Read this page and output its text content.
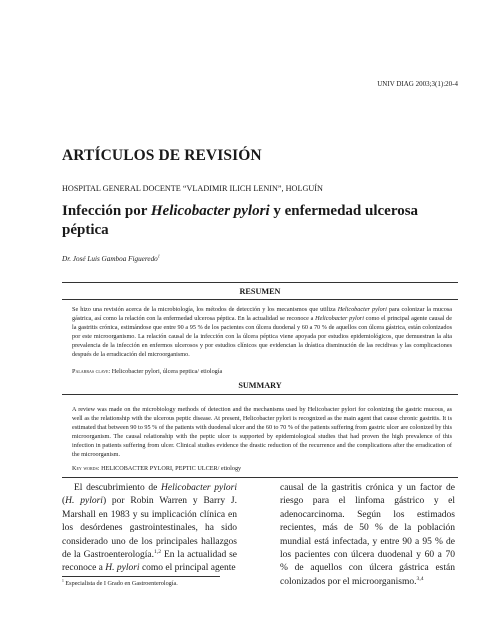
UNIV DIAG 2003;3(1):20-4
ARTÍCULOS DE REVISIÓN
HOSPITAL GENERAL DOCENTE “VLADIMIR ILICH LENIN”, HOLGUÍN
Infección por Helicobacter pylori y enfermedad ulcerosa péptica
Dr. José Luis Gamboa Figueredo$^1$
RESUMEN
Se hizo una revisión acerca de la microbiología, los métodos de detección y los mecanismos que utiliza Helicobacter pylori para colonizar la mucosa gástrica, así como la relación con la enfermedad ulcerosa péptica. En la actualidad se reconoce a Helicobacter pylori como el principal agente causal de la gastritis crónica, estimándose que entre 90 a 95 % de los pacientes con úlcera duodenal y 60 a 70 % de aquellos con úlcera gástrica, están colonizados por este microorganismo. La relación causal de la infección con la úlcera péptica viene apoyada por estudios epidemiológicos, que demuestran la alta prevalencia de la infección en enfermos ulcerosos y por estudios clínicos que evidencian la drástica disminución de las recidivas y las complicaciones después de la erradicación del microorganismo.
Palabras clave: Helicobacter pylori, úlcera peptica/ etiología
SUMMARY
A review was made on the microbiology methods of detection and the mechanisms used by Helicobacter pylori for colonizing the gastric mucous, as well as the relationship with the ulcerous peptic disease. At present, Helicobacter pylori is recognized as the main agent that cause chronic gastritis. It is estimated that between 90 to 95 % of the patients with duodenal ulcer and the 60 to 70 % of the patients suffering from gastric ulcer are colonized by this microorganism. The causal relationship with the peptic ulcer is supported by epidemiological studies that had proven the high prevalence of this infection in patients suffering from ulcer. Clinical studies evidence the drastic reduction of the recurrence and the complications after the erradication of the microorganism.
Key words: HELICOBACTER PYLORI, PEPTIC ULCER/ etiology
El descubrimiento de Helicobacter pylori (H. pylori) por Robin Warren y Barry J. Marshall en 1983 y su implicación clínica en los desórdenes gastrointestinales, ha sido considerado uno de los principales hallazgos de la Gastroenterología.$^{1,2}$ En la actualidad se reconoce a H. pylori como el principal agente
causal de la gastritis crónica y un factor de riesgo para el linfoma gástrico y el adenocarcinoma. Según los estimados recientes, más de 50 % de la población mundial está infectada, y entre 90 a 95 % de los pacientes con úlcera duodenal y 60 a 70 % de aquellos con úlcera gástrica están colonizados por el microorganismo.$^{3,4}$
$^1$ Especialista de I Grado en Gastroenterología.
